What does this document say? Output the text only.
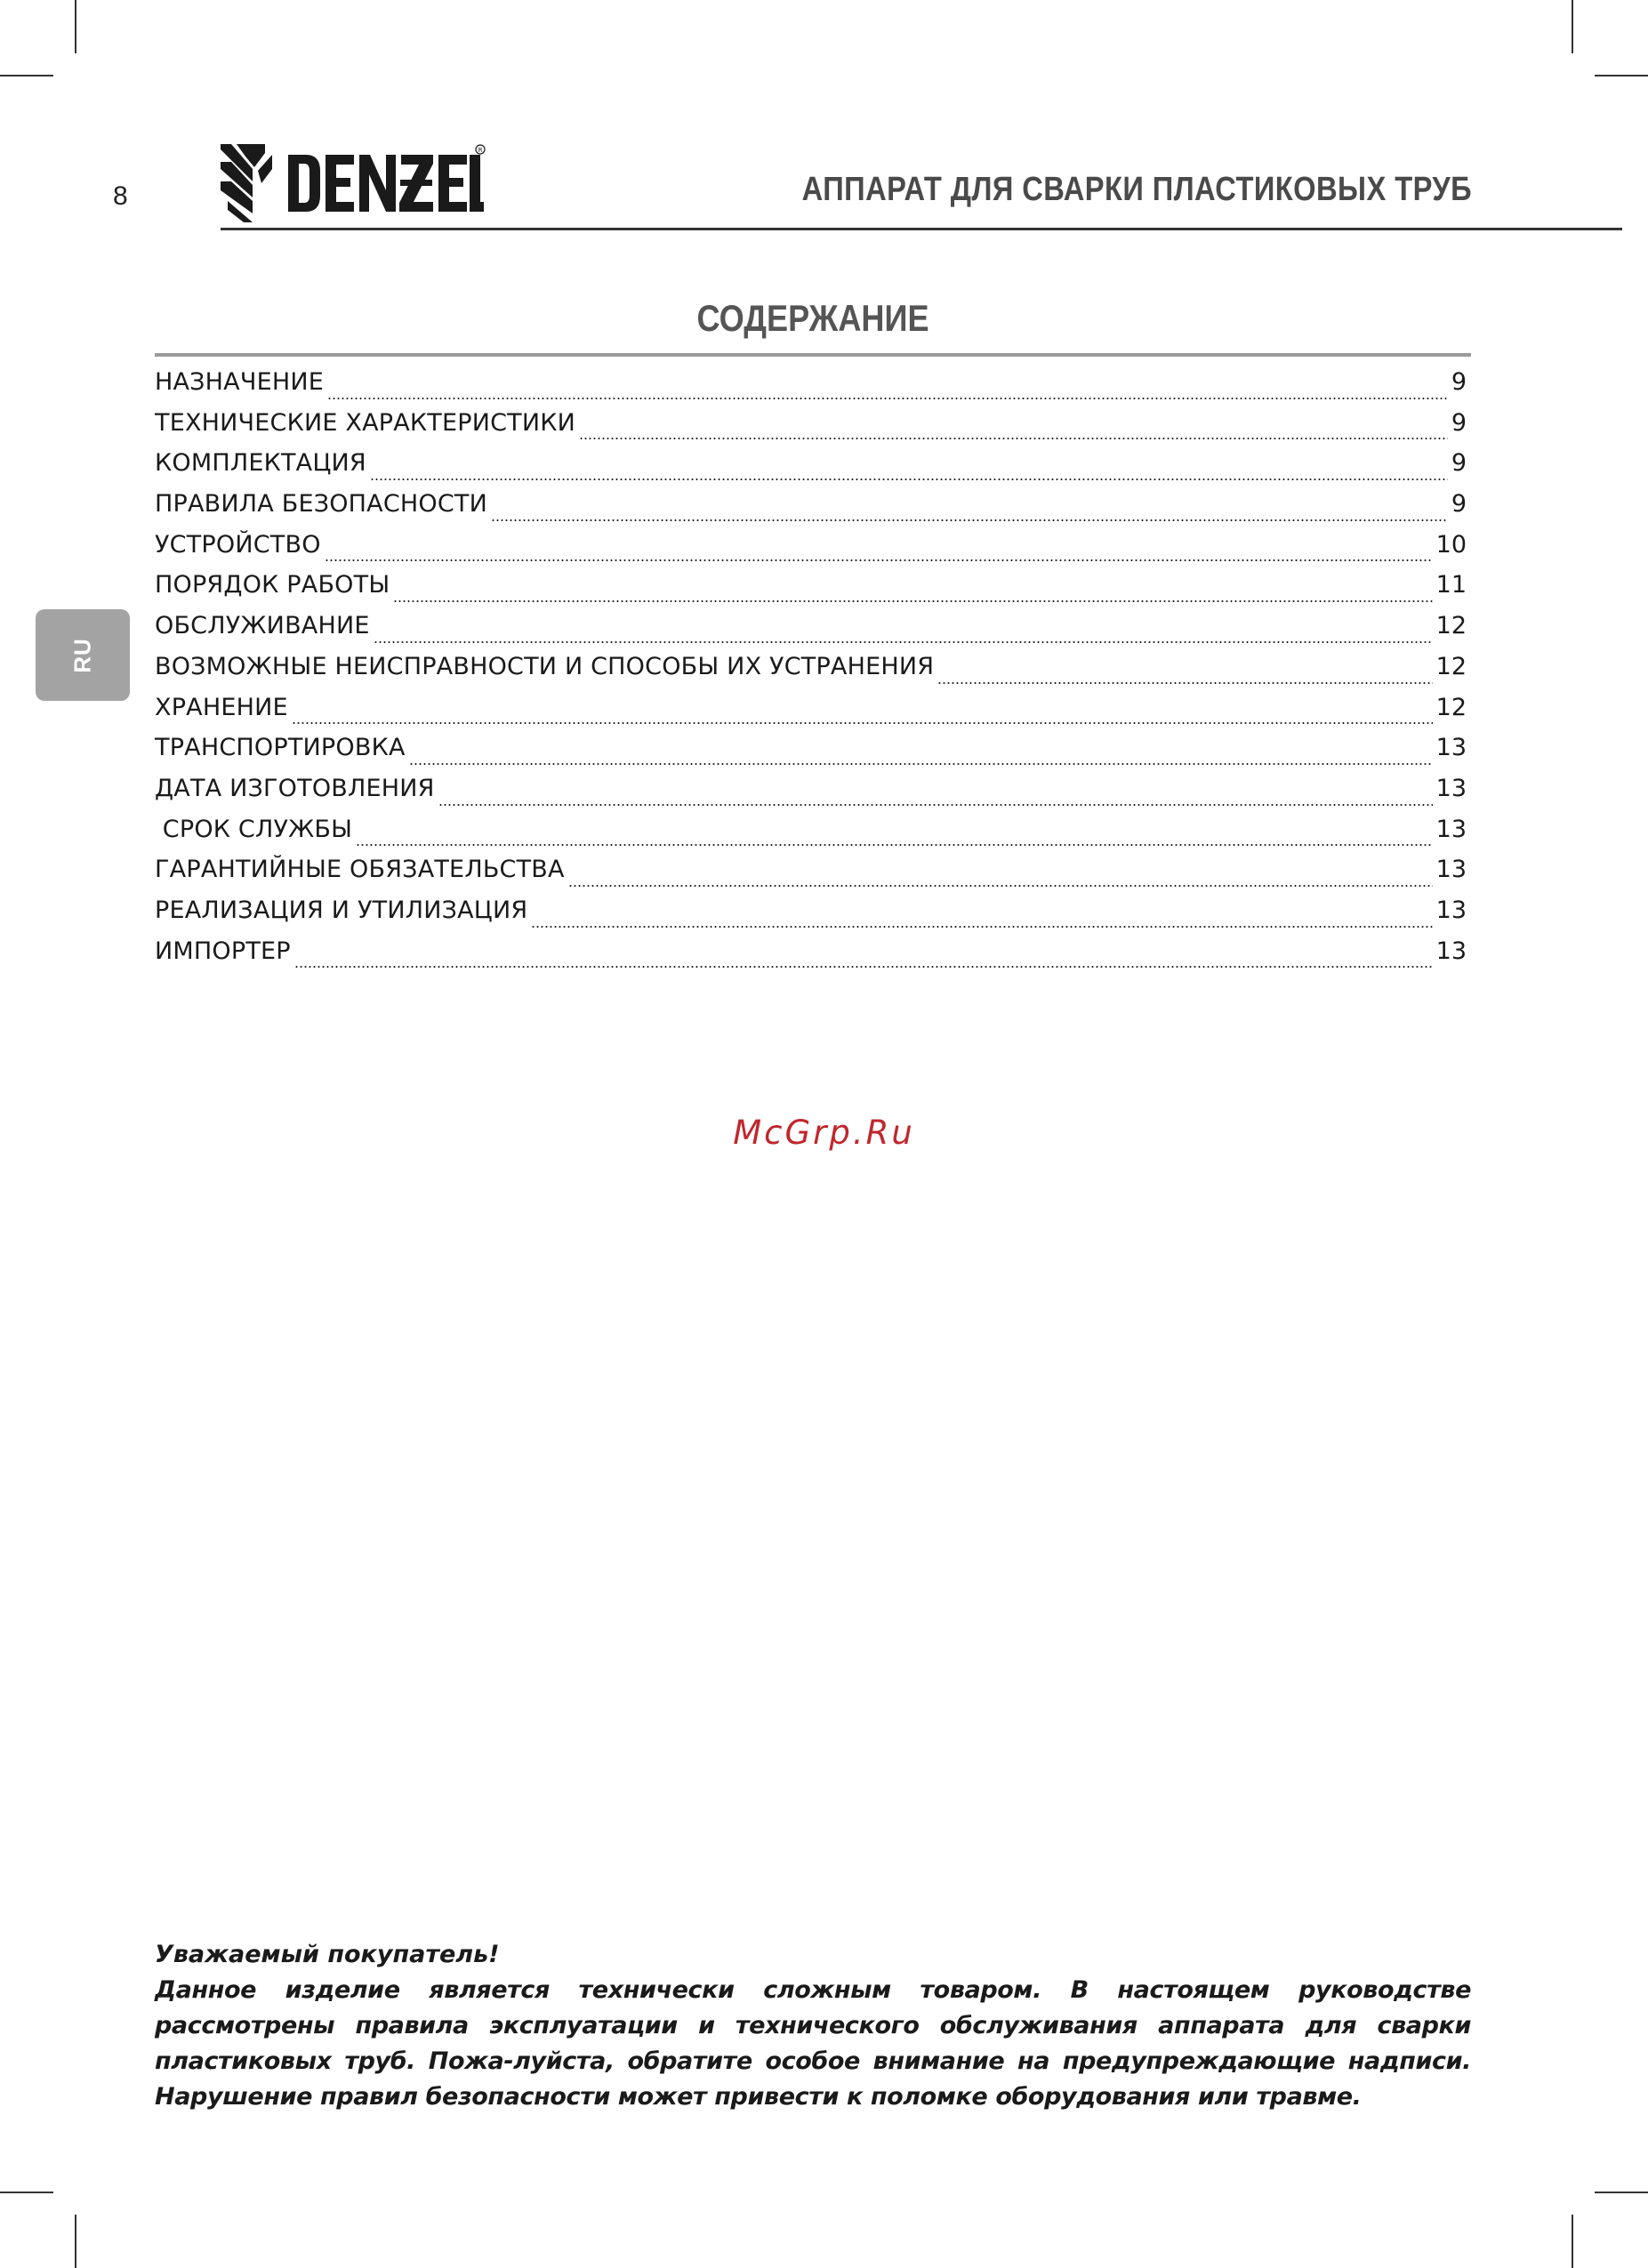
8
R
АППАРАТ ДЛЯ СВАРКИ ПЛАСТИКОВЫХ ТРУБ
RU
СОДЕРЖАНИЕ
НАЗНАЧЕНИЕ	9
ТЕХНИЧЕСКИЕ ХАРАКТЕРИСТИКИ	9
КОМПЛЕКТАЦИЯ	9
ПРАВИЛА БЕЗОПАСНОСТИ	9
УСТРОЙСТВО	10
ПОРЯДОК РАБОТЫ	11
ОБСЛУЖИВАНИЕ	12
ВОЗМОЖНЫЕ НЕИСПРАВНОСТИ И СПОСОБЫ ИХ УСТРАНЕНИЯ	12
ХРАНЕНИЕ	12
ТРАНСПОРТИРОВКА	13
ДАТА ИЗГОТОВЛЕНИЯ	13
СРОК СЛУЖБЫ	13
ГАРАНТИЙНЫЕ ОБЯЗАТЕЛЬСТВА	13
РЕАЛИЗАЦИЯ И УТИЛИЗАЦИЯ	13
ИМПОРТЕР	13
McGrp.Ru
Уважаемый покупатель!
Данное изделие является технически сложным товаром. В настоящем руководстве рассмотрены правила эксплуатации и технического обслуживания аппарата для сварки пластиковых труб. Пожа-луйста, обратите особое внимание на предупреждающие надписи. Нарушение правил безопасности может привести к поломке оборудования или травме.
